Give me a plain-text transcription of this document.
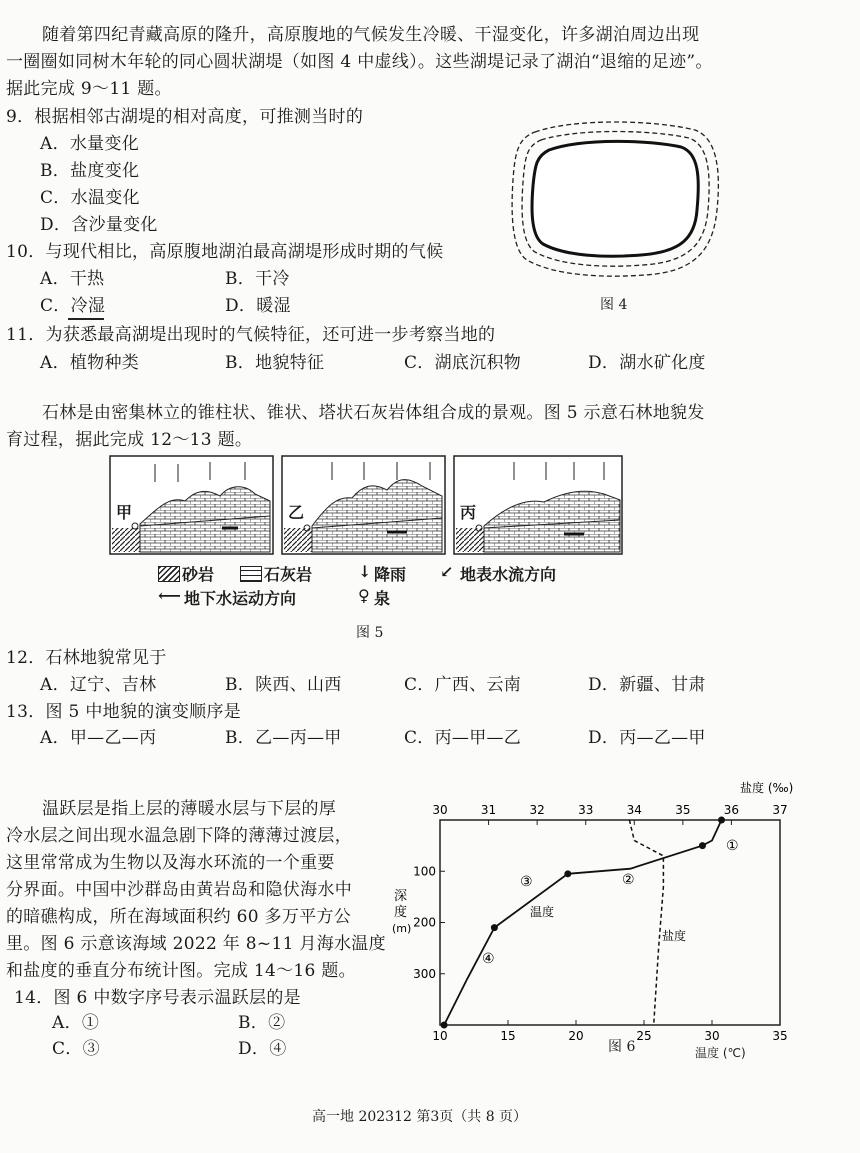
随着第四纪青藏高原的隆升，高原腹地的气候发生冷暖、干湿变化，许多湖泊周边出现
一圈圈如同树木年轮的同心圆状湖堤（如图 4 中虚线）。这些湖堤记录了湖泊“退缩的足迹”。
据此完成 9～11 题。
9．根据相邻古湖堤的相对高度，可推测当时的
A．水量变化
B．盐度变化
C．水温变化
D．含沙量变化
10．与现代相比，高原腹地湖泊最高湖堤形成时期的气候
A．干热	B．干冷
C．冷湿	D．暖湿
11．为获悉最高湖堤出现时的气候特征，还可进一步考察当地的
A．植物种类	B．地貌特征	C．湖底沉积物	D．湖水矿化度
图 4
石林是由密集林立的锥柱状、锥状、塔状石灰岩体组合成的景观。图 5 示意石林地貌发
育过程，据此完成 12～13 题。
甲	乙	丙
砂岩	石灰岩	↓ 降雨 ↙ 地表水流方向
⟵ 地下水运动方向	♀ 泉
图 5
12．石林地貌常见于
A．辽宁、吉林	B．陕西、山西	C．广西、云南	D．新疆、甘肃
13．图 5 中地貌的演变顺序是
A．甲—乙—丙	B．乙—丙—甲	C．丙—甲—乙	D．丙—乙—甲
温跃层是指上层的薄暖水层与下层的厚
冷水层之间出现水温急剧下降的薄薄过渡层，
这里常常成为生物以及海水环流的一个重要
分界面。中国中沙群岛由黄岩岛和隐伏海水中
的暗礁构成，所在海域面积约 60 多万平方公
里。图 6 示意该海域 2022 年 8~11 月海水温度
和盐度的垂直分布统计图。完成 14～16 题。
14．图 6 中数字序号表示温跃层的是
A．①	B．②
C．③	D．④
30	31	32	33	34	35	36	37
10	15	20	25	30	35
100
200
300
盐度 (‰)
深
度
(m)
温度
盐度
①
②
③
④
温度 (℃)
图 6
高一地 202312 第3页（共 8 页）
